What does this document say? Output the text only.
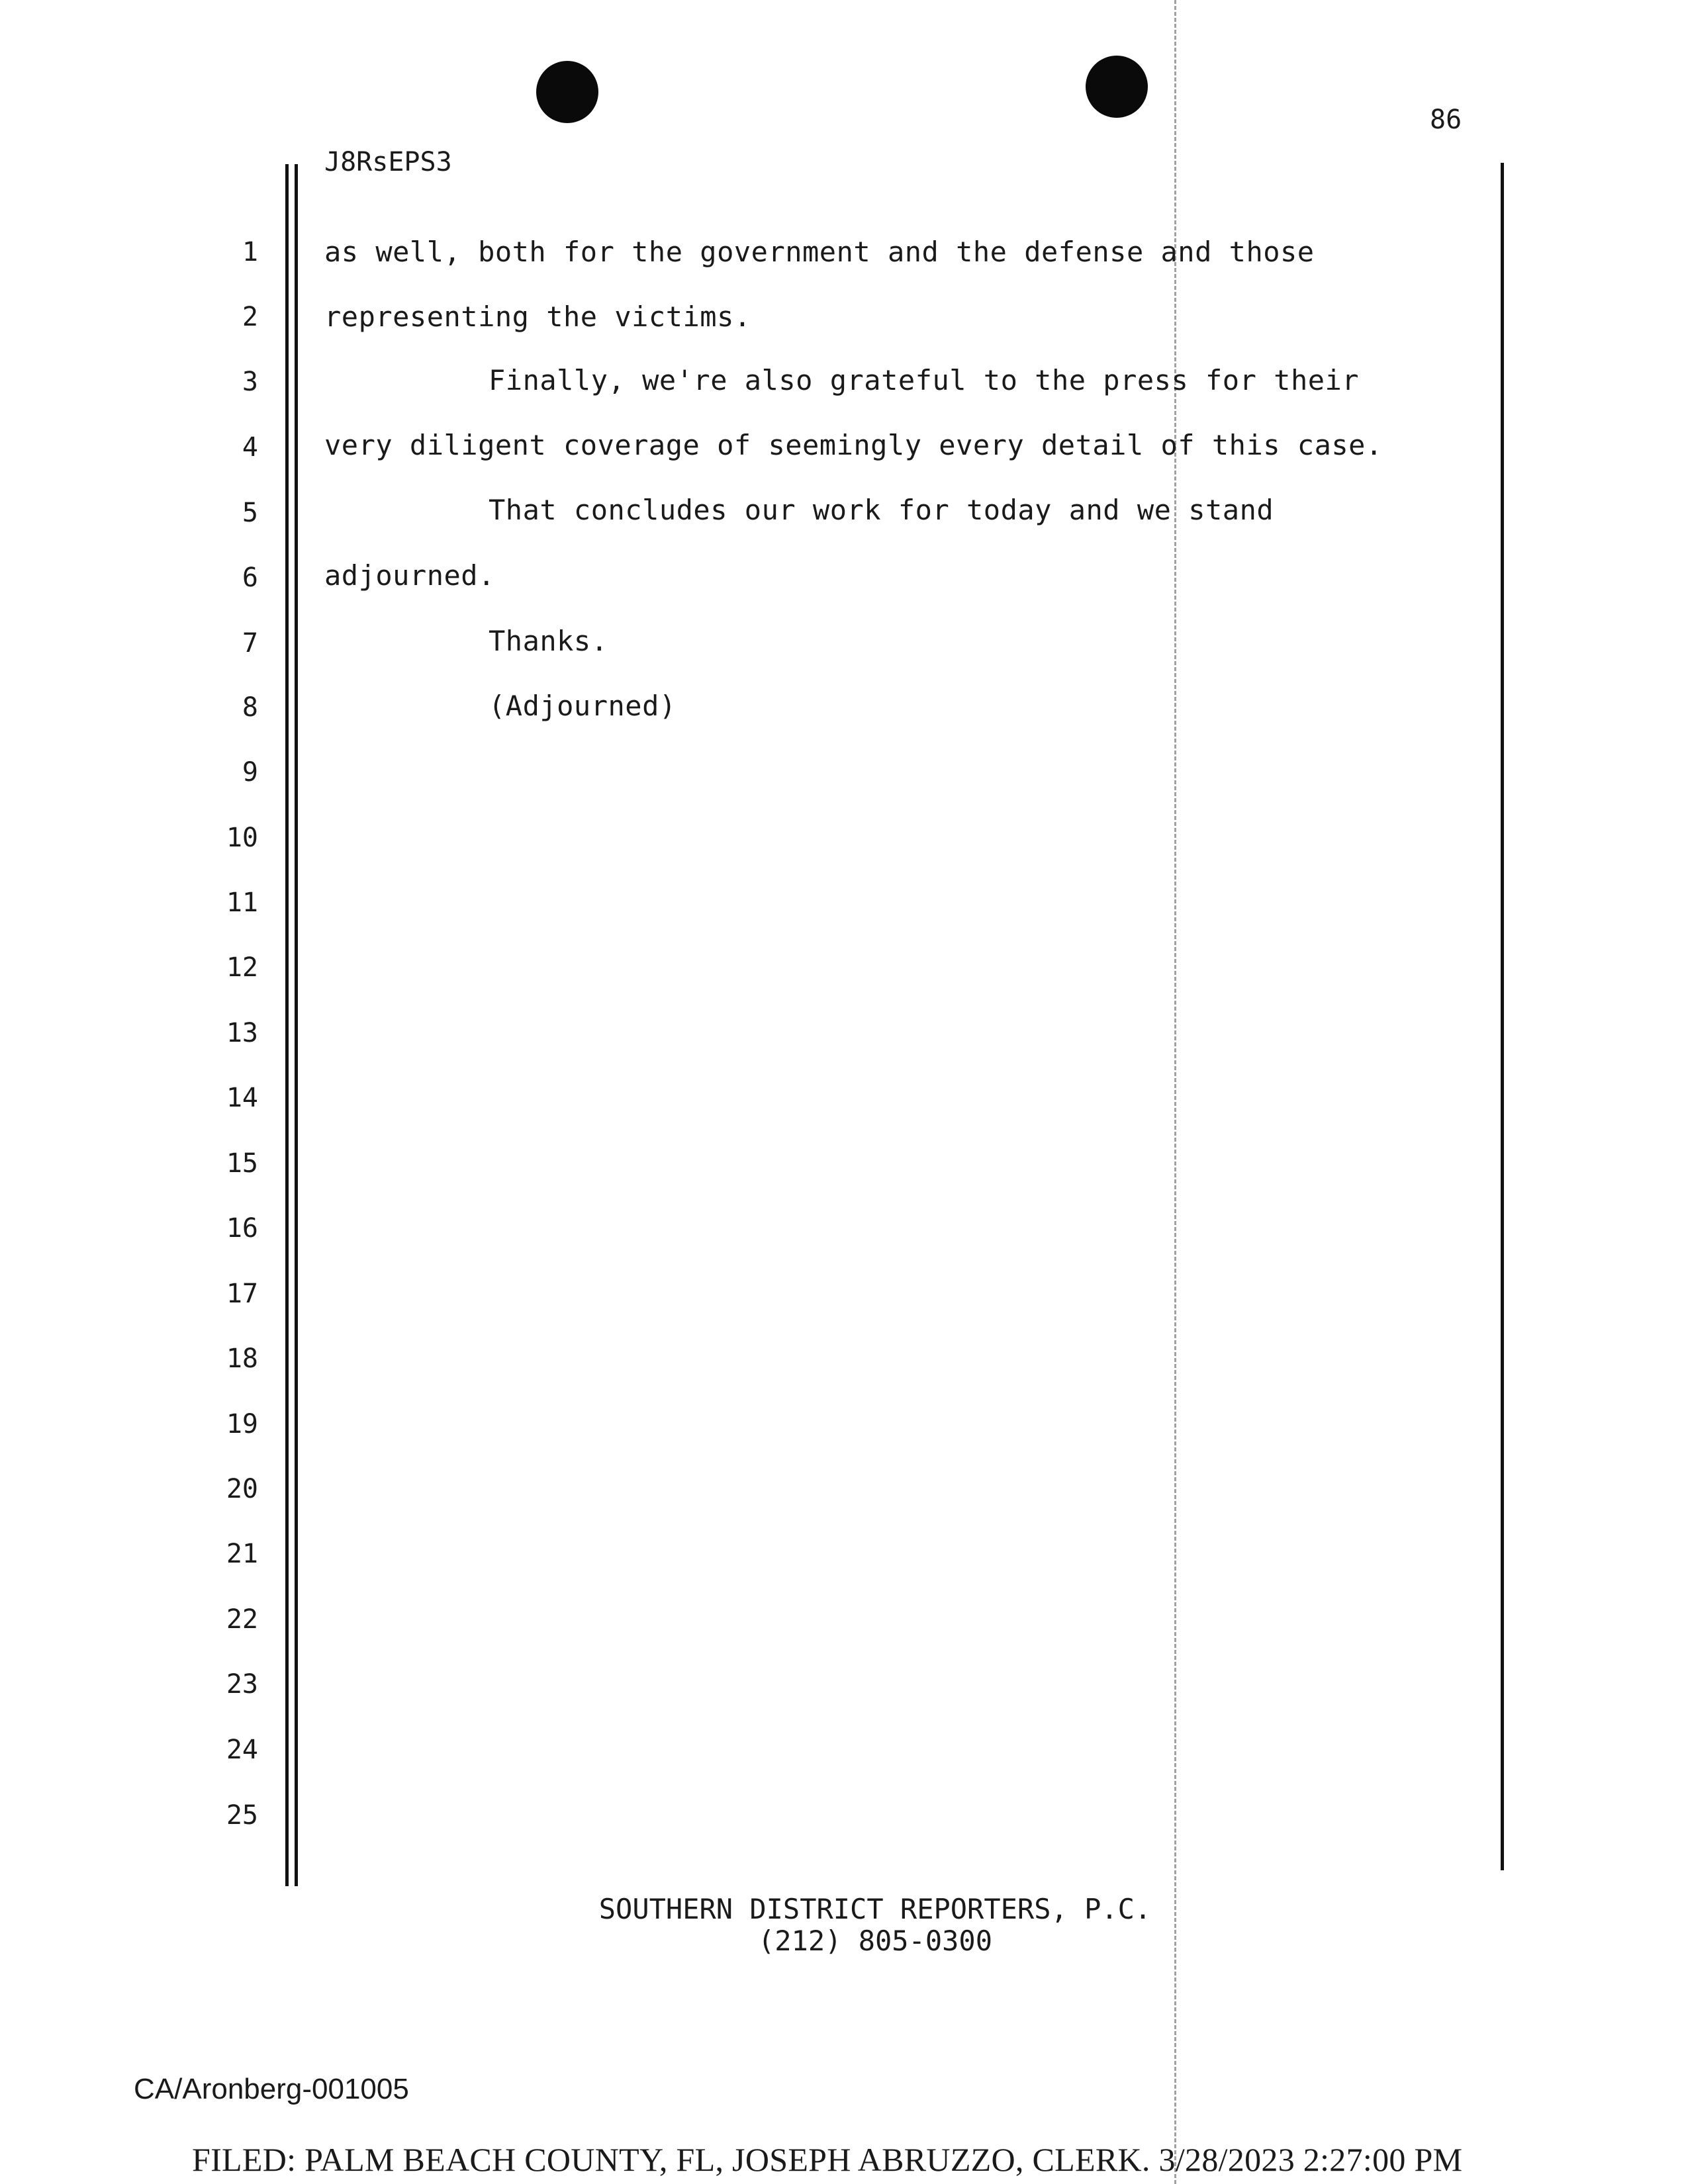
86
J8RsEPS3
1 as well, both for the government and the defense and those
2 representing the victims.
3	Finally, we're also grateful to the press for their
4 very diligent coverage of seemingly every detail of this case.
5	That concludes our work for today and we stand
6 adjourned.
7	Thanks.
8	(Adjourned)
9
10
11
12
13
14
15
16
17
18
19
20
21
22
23
24
25
SOUTHERN DISTRICT REPORTERS, P.C.
(212) 805-0300
CA/Aronberg-001005
FILED: PALM BEACH COUNTY, FL, JOSEPH ABRUZZO, CLERK. 3/28/2023 2:27:00 PM
